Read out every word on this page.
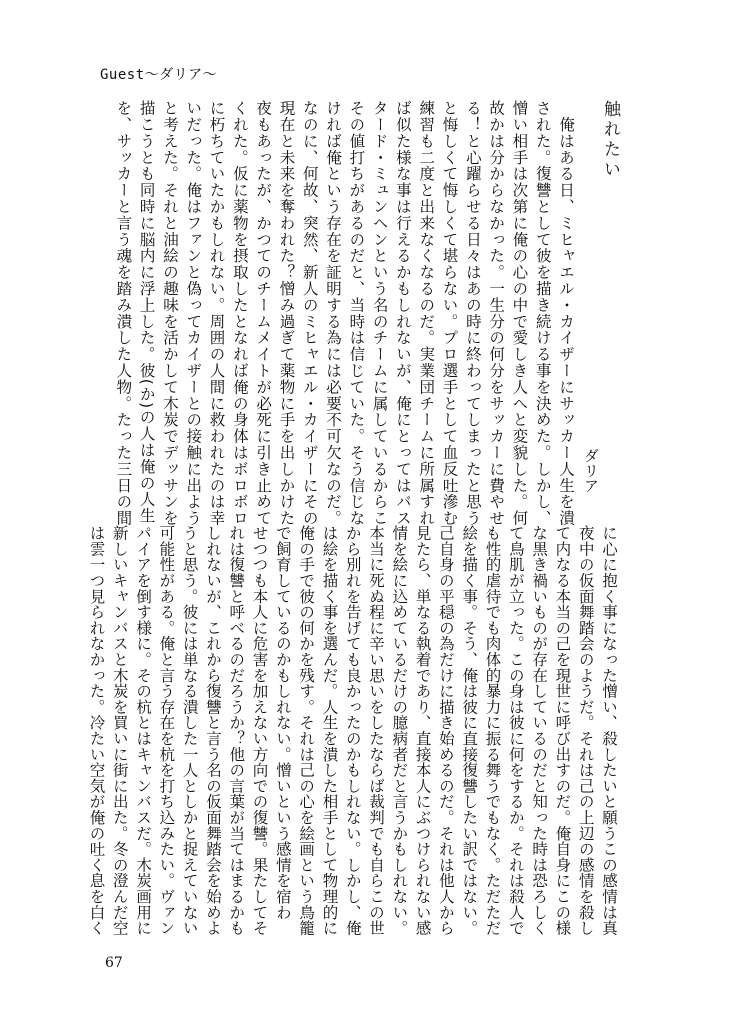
Guest〜ダリア〜
触れたい
ダリア
　俺はある日、ミヒャエル・カイザーにサッカー人生を潰
された。復讐として彼を描き続ける事を決めた。しかし、
憎い相手は次第に俺の心の中で愛しき人へと変貌した。何
故かは分からなかった。一生分の何分をサッカーに費やせ
る！と心躍らせる日々はあの時に終わってしまったと思う
と悔しくて悔しくて堪らない。プロ選手として血反吐滲む
練習も二度と出来なくなるのだ。実業団チームに所属すれ
ば似た様な事は行えるかもしれないが、俺にとってはバス
タード・ミュンヘンという名のチームに属しているからこ
その値打ちがあるのだと、当時は信じていた。そう信じな
ければ俺という存在を証明する為には必要不可欠なのだ。
なのに、何故、突然、新人のミヒャエル・カイザーにその
現在と未来を奪われた？憎み過ぎて薬物に手を出しかけた
夜もあったが、かつてのチームメイトが必死に引き止めて
くれた。仮に薬物を摂取したとなれば俺の身体はボロボロ
に朽ちていたかもしれない。周囲の人間に救われたのは幸
いだった。俺はファンと偽ってカイザーとの接触に出よう
と考えた。それと油絵の趣味を活かして木炭でデッサンを
描こうとも同時に脳内に浮上した。彼(か)の人は俺の人生
を、サッカーと言う魂を踏み潰した人物。たった三日の間
に心に抱く事になった憎い、殺したいと願うこの感情は真
夜中の仮面舞踏会のようだ。それは己の上辺の感情を殺し
て内なる本当の己を現世に呼び出すのだ。俺自身にこの様
な黒き禍いものが存在しているのだと知った時は恐ろしく
て鳥肌が立った。この身は彼に何をするか。それは殺人で
も性的虐待でも肉体的暴力に振る舞うでもなく。ただただ
絵を描く事。そう、俺は彼に直接復讐したい訳ではない。
己自身の平穏の為だけに描き始めるのだ。それは他人から
見たら、単なる執着であり、直接本人にぶつけられない感
情を絵に込めているだけの臆病者だと言うかもしれない。
本当に死ぬ程に辛い思いをしたならば裁判でも自らこの世
から別れを告げても良かったのかもしれない。しかし、俺
は絵を描く事を選んだ。人生を潰した相手として物理的に
俺の手で彼の何かを残す。それは己の心を絵画という鳥籠
で飼育しているのかもしれない。憎いという感情を宿わ
せつつも本人に危害を加えない方向での復讐。果たしてそ
れは復讐と呼べるのだろうか？他の言葉が当てはまるかも
しれないが、これから復讐と言う名の仮面舞踏会を始めよ
うと思う。彼には単なる潰した一人としかと捉えていない
可能性がある。俺と言う存在を杭を打ち込みたい。ヴァン
パイアを倒す様に。その杭とはキャンバスだ。木炭画用に
新しいキャンバスと木炭を買いに街に出た。冬の澄んだ空
は雲一つ見られなかった。冷たい空気が俺の吐く息を白く
67
